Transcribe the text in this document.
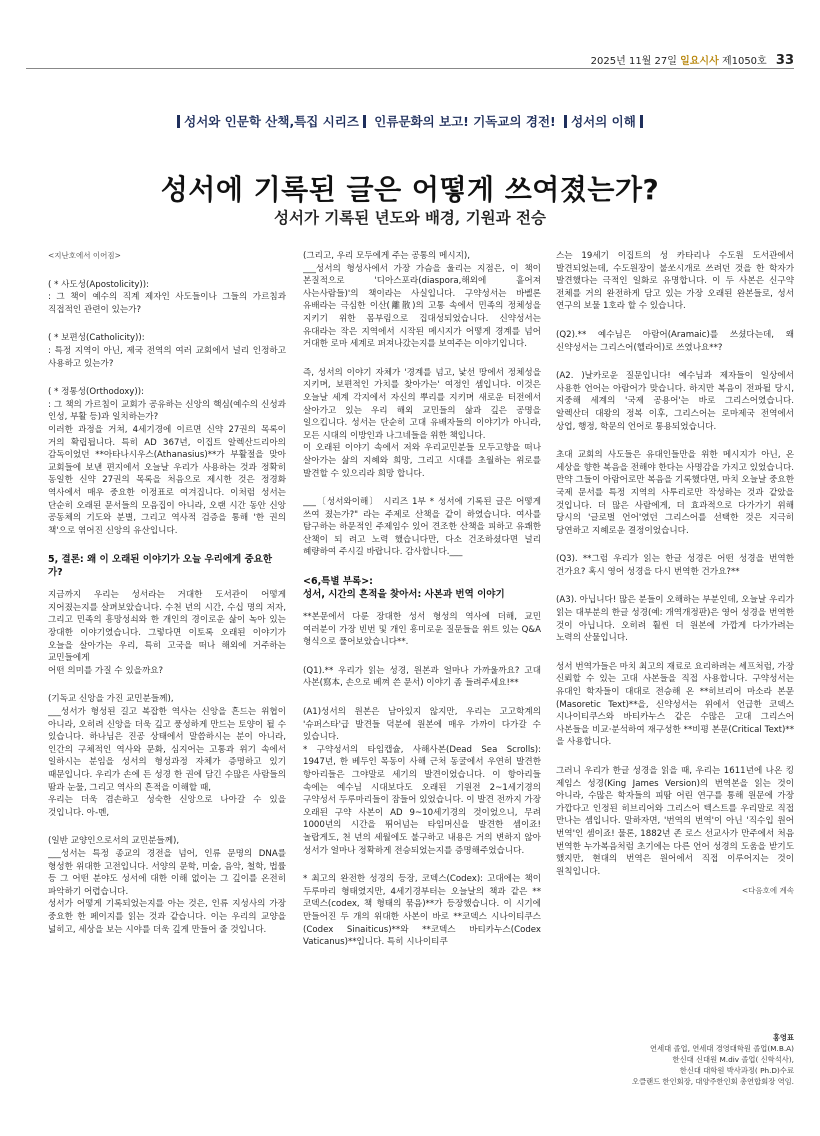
2025년 11월 27일 일요시사 제1050호 33
성서와 인문학 산책,특집 시리즈 인류문화의 보고! 기독교의 경전! 성서의 이해
성서에 기록된 글은 어떻게 쓰여졌는가?
성서가 기록된 년도와 배경, 기원과 전승

<지난호에서 이어짐>

( * 사도성(Apostolicity)):
: 그 책이 예수의 직계 제자인 사도들이나 그들의 가르침과 직접적인 관련이 있는가?

( * 보편성(Catholicity)):
: 특정 지역이 아닌, 제국 전역의 여러 교회에서 널리 인정하고 사용하고 있는가?

( * 정통성(Orthodoxy)):
: 그 책의 가르침이 교회가 공유하는 신앙의 핵심(예수의 신성과 인성, 부활 등)과 일치하는가?
이러한 과정을 거쳐, 4세기경에 이르면 신약 27권의 목록이 거의 확립됩니다. 특히 AD 367년, 이집트 알렉산드리아의 감독이었던 **아타나시우스(Athanasius)**가 부활절을 맞아 교회들에 보낸 편지에서 오늘날 우리가 사용하는 것과 정확히 동일한 신약 27권의 목록을 처음으로 제시한 것은 정경화 역사에서 매우 중요한 이정표로 여겨집니다. 이처럼 성서는 단순히 오래된 문서들의 모음집이 아니라, 오랜 시간 동안 신앙 공동체의 기도와 분별, 그리고 역사적 검증을 통해 '한 권의 책'으로 엮어진 신앙의 유산입니다.

5, 결론: 왜 이 오래된 이야기가 오늘 우리에게 중요한가?

지금까지 우리는 성서라는 거대한 도서관이 어떻게 지어졌는지를 살펴보았습니다. 수천 년의 시간, 수십 명의 저자, 그리고 민족의 흥망성쇠와 한 개인의 경이로운 삶이 녹아 있는 장대한 이야기였습니다. 그렇다면 이토록 오래된 이야기가 오늘을 살아가는 우리, 특히 고국을 떠나 해외에 거주하는 교민들에게
어떤 의미를 가질 수 있을까요?

(기독교 신앙을 가진 교민분들께),
___성서가 형성된 길고 복잡한 역사는 신앙을 흔드는 위협이 아니라, 오히려 신앙을 더욱 깊고 풍성하게 만드는 토양이 될 수 있습니다. 하나님은 진공 상태에서 말씀하시는 분이 아니라, 인간의 구체적인 역사와 문화, 심지어는 고통과 위기 속에서 일하시는 분임을 성서의 형성과정 자체가 증명하고 있기 때문입니다. 우리가 손에 든 성경 한 권에 담긴 수많은 사람들의 땀과 눈물, 그리고 역사의 흔적을 이해할 때,
우리는 더욱 겸손하고 성숙한 신앙으로 나아갈 수 있을 것입니다. 아-멘,

(일반 교양인으로서의 교민분들께),
___성서는 특정 종교의 경전을 넘어, 인류 문명의 DNA를 형성한 위대한 고전입니다. 서양의 문학, 미술, 음악, 철학, 법률 등 그 어떤 분야도 성서에 대한 이해 없이는 그 깊이를 온전히 파악하기 어렵습니다.
성서가 어떻게 기록되었는지를 아는 것은, 인류 지성사의 가장 중요한 한 페이지를 읽는 것과 같습니다. 이는 우리의 교양을 넓히고, 세상을 보는 시야를 더욱 깊게 만들어 줄 것입니다.

(그리고, 우리 모두에게 주는 공통의 메시지),
___성서의 형성사에서 가장 가슴을 울리는 지점은, 이 책이 본질적으로 '디아스포라(diaspora,해외에 흩어져 사는사람들)'의 책이라는 사실입니다. 구약성서는 바벨론 유배라는 극심한 이산(離散)의 고통 속에서 민족의 정체성을 지키기 위한 몸부림으로 집대성되었습니다. 신약성서는 유대라는 작은 지역에서 시작된 메시지가 어떻게 경계를 넘어 거대한 로마 세계로 퍼져나갔는지를 보여주는 이야기입니다.

즉, 성서의 이야기 자체가 '경계를 넘고, 낯선 땅에서 정체성을 지키며, 보편적인 가치를 찾아가는' 여정인 셈입니다. 이것은 오늘날 세계 각지에서 자신의 뿌리를 지키며 새로운 터전에서 살아가고 있는 우리 해외 교민들의 삶과 깊은 공명을 일으킵니다. 성서는 단순히 고대 유배자들의 이야기가 아니라, 모든 시대의 이방인과 나그네들을 위한 책입니다.
이 오래된 이야기 속에서 저와 우리교민분들 모두고향을 떠나 살아가는 삶의 지혜와 희망, 그리고 시대를 초월하는 위로를 발견할 수 있으리라 희망 합니다.

___〔성서와이해〕 시리즈 1부 * 성서에 기록된 글은 어떻게 쓰여 졌는가?" 라는 주제로 산책을 같이 하였습니다. 여사를 탐구하는 하문적인 주제임수 있어 견조한 산책을 피하고 유쾌한 산책이 되 려고 노력 했습니다만, 다소 건조하셨다면 널리 혜량하여 주시길 바랍니다. 감사합니다.___

<6,특별 부록>:
성서, 시간의 흔적을 찾아서: 사본과 번역 이야기

**본문에서 다룬 장대한 성서 형성의 역사에 더해, 교민 여러분이 가장 빈번 및 개인 흥미로운 질문들을 위트 있는 Q&A 형식으로 풀어보았습니다**.

(Q1).** 우리가 읽는 성경, 원본과 얼마나 가까울까요? 고대 사본(寫本, 손으로 베껴 쓴 문서) 이야기 좀 들려주세요!**

(A1)성서의 원본은 남아있지 않지만, 우리는 고고학계의 '슈퍼스타'급 발견들 덕분에 원본에 매우 가까이 다가갈 수 있습니다.
* 구약성서의 타임캡슐, 사해사본(Dead Sea Scrolls): 1947년, 한 베두인 목동이 사해 근처 동굴에서 우연히 발견한 항아리들은 그야말로 세기의 발견이었습니다. 이 항아리들 속에는 예수님 시대보다도 오래된 기원전 2~1세기경의 구약성서 두루마리들이 잠들어 있었습니다. 이 발견 전까지 가장 오래된 구약 사본이 AD 9~10세기경의 것이었으니, 무려 1000년의 시간을 뛰어넘는 타임머신을 발견한 셈이죠! 놀랍게도, 천 년의 세월에도 불구하고 내용은 거의 변하지 않아 성서가 얼마나 정확하게 전승되었는지를 증명해주었습니다.

* 최고의 완전한 성경의 등장, 코덱스(Codex): 고대에는 책이 두루마리 형태였지만, 4세기경부터는 오늘날의 책과 같은 **코덱스(codex, 책 형태의 묶음)**가 등장했습니다. 이 시기에 만들어진 두 개의 위대한 사본이 바로 **코덱스 시나이티쿠스(Codex Sinaiticus)**와 **코덱스 바티카누스(Codex Vaticanus)**입니다. 특히 시나이티쿠

스는 19세기 이집트의 성 카타리나 수도원 도서관에서 발견되었는데, 수도원장이 불쏘시개로 쓰려던 것을 한 학자가 발견했다는 극적인 일화로 유명합니다. 이 두 사본은 신구약 전체를 거의 완전하게 담고 있는 가장 오래된 완본들로, 성서 연구의 보물 1호라 할 수 있습니다.

(Q2).** 예수님은 아람어(Aramaic)를 쓰셨다는데, 왜 신약성서는 그리스어(헬라어)로 쓰였나요**?

(A2. )날카로운 질문입니다! 예수님과 제자들이 일상에서 사용한 언어는 아람어가 맞습니다. 하지만 복음이 전파될 당시, 지중해 세계의 '국제 공용어'는 바로 그리스어였습니다. 알렉산더 대왕의 정복 이후, 그리스어는 로마제국 전역에서 상업, 행정, 학문의 언어로 통용되었습니다.

초대 교회의 사도들은 유대인들만을 위한 메시지가 아닌, 온 세상을 향한 복음을 전해야 한다는 사명감을 가지고 있었습니다. 만약 그들이 아람어로만 복음을 기록했다면, 마치 오늘날 중요한 국제 문서를 특정 지역의 사투리로만 작성하는 것과 같았을 것입니다. 더 많은 사람에게, 더 효과적으로 다가가기 위해 당시의 '글로벌 언어'였던 그리스어를 선택한 것은 지극히 당연하고 지혜로운 결정이었습니다.

(Q3). **그럼 우리가 읽는 한글 성경은 어떤 성경을 번역한 건가요? 혹시 영어 성경을 다시 번역한 건가요?**

(A3). 아닙니다! 많은 분들이 오해하는 부분인데, 오늘날 우리가 읽는 대부분의 한글 성경(예: 개역개정판)은 영어 성경을 번역한 것이 아닙니다. 오히려 훨씬 더 원본에 가깝게 다가가려는 노력의 산물입니다.

성서 번역가들은 마치 최고의 재료로 요리하려는 셰프처럼, 가장 신뢰할 수 있는 고대 사본들을 직접 사용합니다. 구약성서는 유대인 학자들이 대대로 전승해 온 **히브리어 마소라 본문(Masoretic Text)**을, 신약성서는 위에서 언급한 코덱스 시나이티쿠스와 바티카누스 같은 수많은 고대 그리스어 사본들을 비교·분석하여 재구성한 **비평 본문(Critical Text)**을 사용합니다.

그러니 우리가 한글 성경을 읽을 때, 우리는 1611년에 나온 킹 제임스 성경(King James Version)의 번역본을 읽는 것이 아니라, 수많은 학자들의 피땀 어린 연구를 통해 원문에 가장 가깝다고 인정된 히브리어와 그리스어 텍스트를 우리말로 직접 만나는 셈입니다. 말하자면, '번역의 번역'이 아닌 '직수입 원어 번역'인 셈이죠! 물론, 1882년 존 로스 선교사가 만주에서 처음 번역한 누가복음처럼 초기에는 다른 언어 성경의 도움을 받기도 했지만, 현대의 번역은 원어에서 직접 이루어지는 것이 원칙입니다.

<다음호에 계속

홍영표
연세대 졸업, 연세대 경영대학원 졸업(M.B.A)
한신대 신대원 M.div 졸업( 신학석사),
한신대 대학원 박사과정( Ph.D)수료
오클랜드 한인회장, 대양주한인회 총연합회장 역임.
